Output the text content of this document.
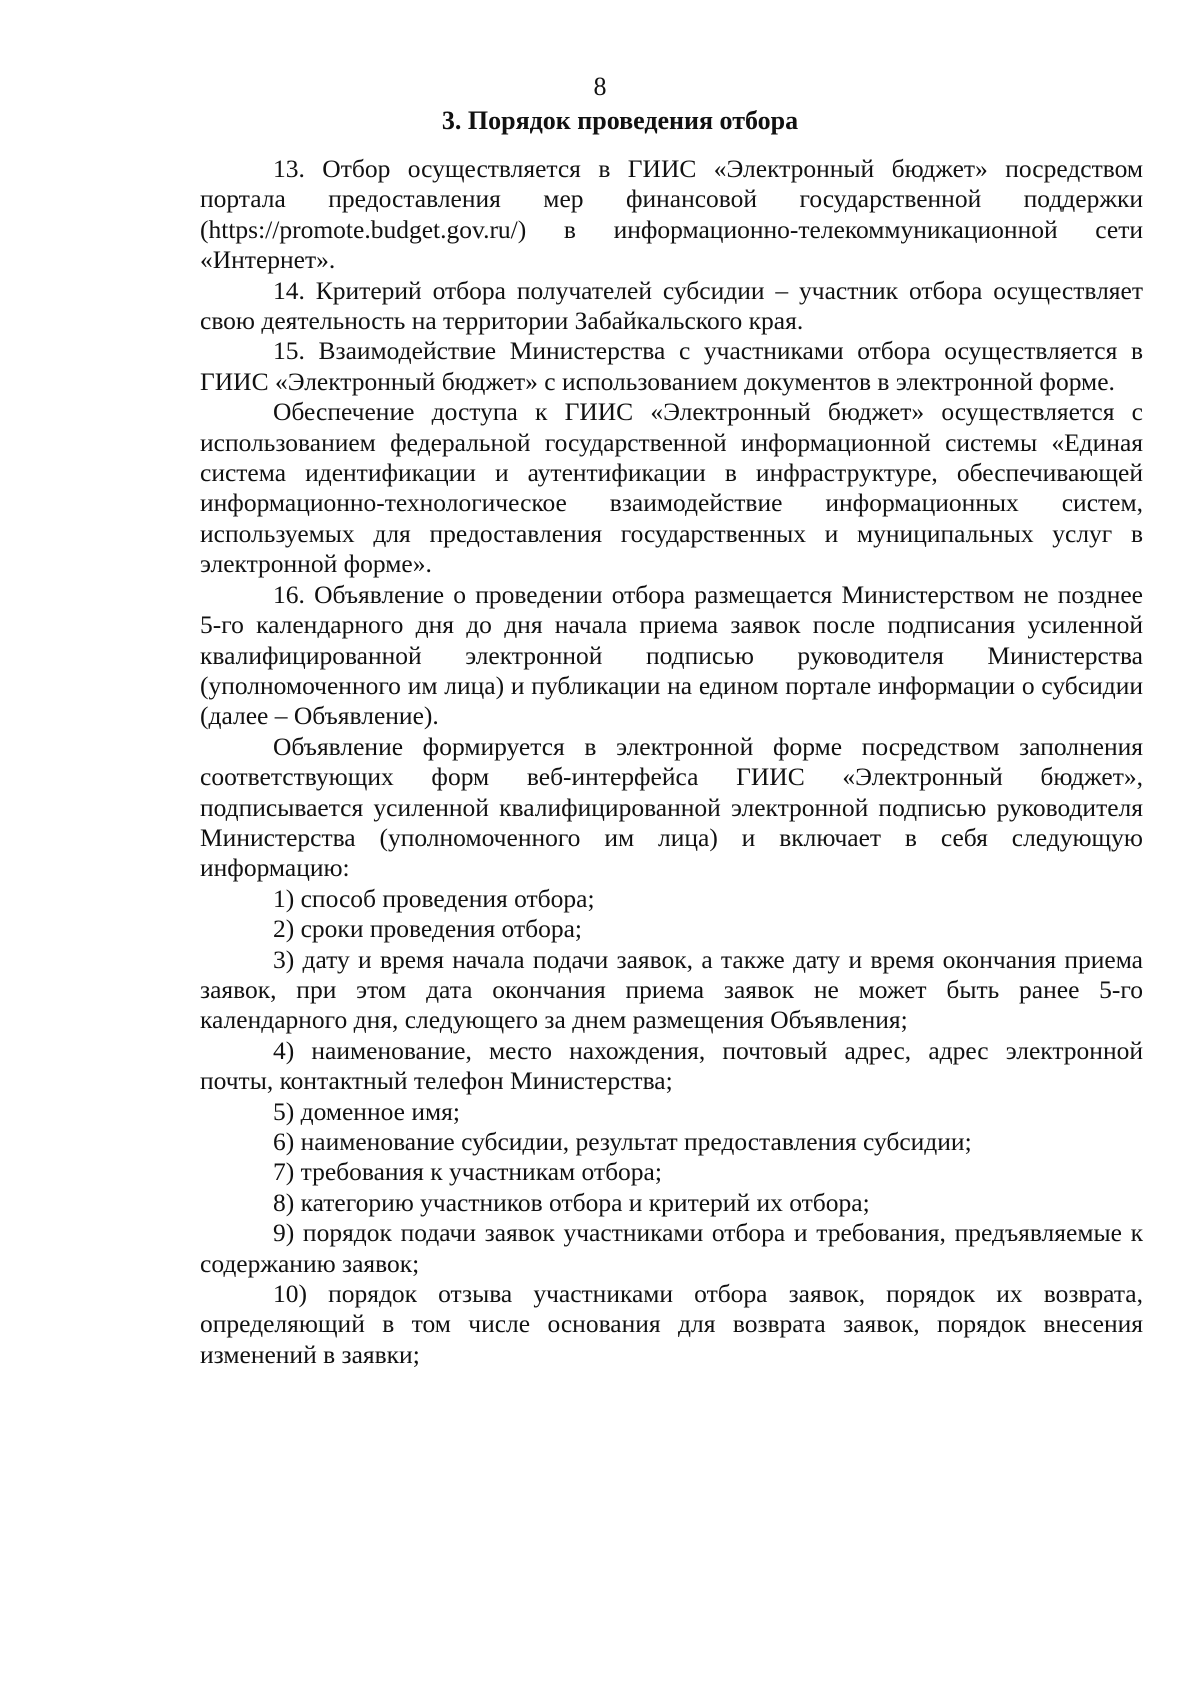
8
3. Порядок проведения отбора

13. Отбор осуществляется в ГИИС «Электронный бюджет» посредством портала предоставления мер финансовой государственной поддержки (https://promote.budget.gov.ru/) в информационно-телекоммуникационной сети «Интернет».

14. Критерий отбора получателей субсидии – участник отбора осуществляет свою деятельность на территории Забайкальского края.

15. Взаимодействие Министерства с участниками отбора осуществляется в ГИИС «Электронный бюджет» с использованием документов в электронной форме.

Обеспечение доступа к ГИИС «Электронный бюджет» осуществляется с использованием федеральной государственной информационной системы «Единая система идентификации и аутентификации в инфраструктуре, обеспечивающей информационно-технологическое взаимодействие информационных систем, используемых для предоставления государственных и муниципальных услуг в электронной форме».

16. Объявление о проведении отбора размещается Министерством не позднее 5-го календарного дня до дня начала приема заявок после подписания усиленной квалифицированной электронной подписью руководителя Министерства (уполномоченного им лица) и публикации на едином портале информации о субсидии (далее – Объявление).

Объявление формируется в электронной форме посредством заполнения соответствующих форм веб-интерфейса ГИИС «Электронный бюджет», подписывается усиленной квалифицированной электронной подписью руководителя Министерства (уполномоченного им лица) и включает в себя следующую информацию:

1) способ проведения отбора;

2) сроки проведения отбора;

3) дату и время начала подачи заявок, а также дату и время окончания приема заявок, при этом дата окончания приема заявок не может быть ранее 5-го календарного дня, следующего за днем размещения Объявления;

4) наименование, место нахождения, почтовый адрес, адрес электронной почты, контактный телефон Министерства;

5) доменное имя;

6) наименование субсидии, результат предоставления субсидии;

7) требования к участникам отбора;

8) категорию участников отбора и критерий их отбора;

9) порядок подачи заявок участниками отбора и требования, предъявляемые к содержанию заявок;

10) порядок отзыва участниками отбора заявок, порядок их возврата, определяющий в том числе основания для возврата заявок, порядок внесения изменений в заявки;
